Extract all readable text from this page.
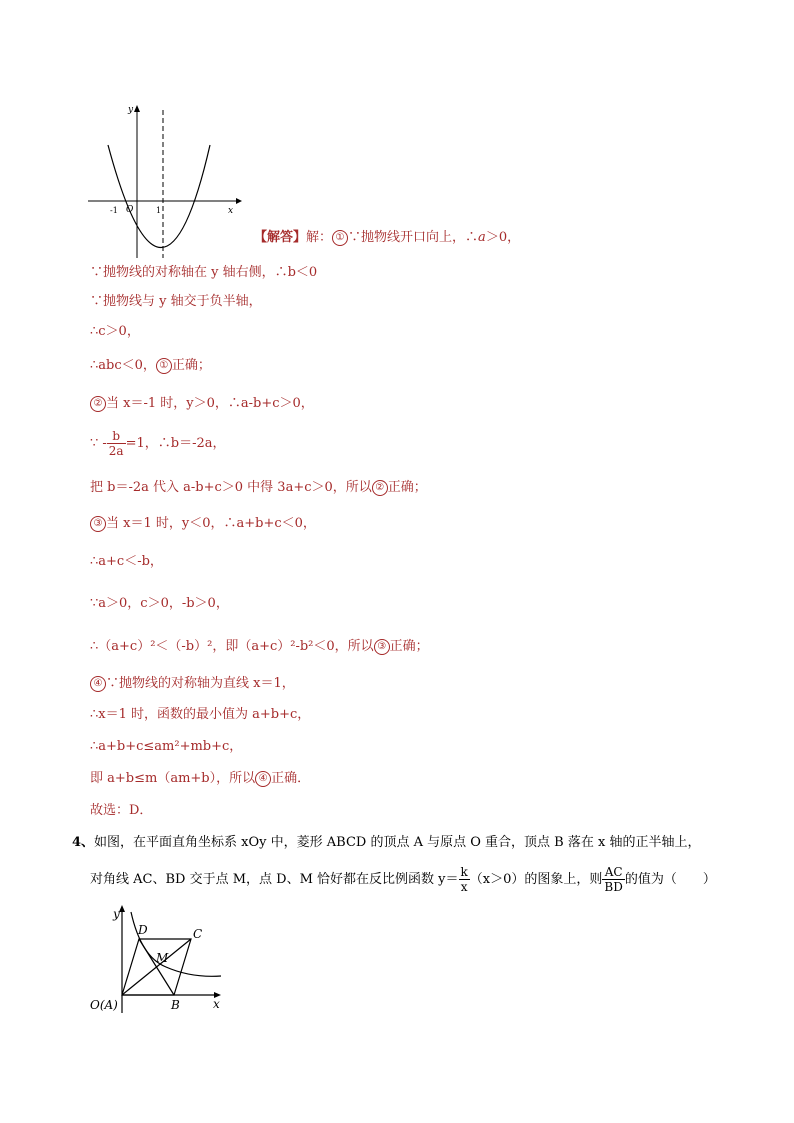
y
x
O
-1	1
【解答】解： ① ∵抛物线开口向上，∴a＞0，
∵抛物线的对称轴在 y 轴右侧，∴b＜0
∵抛物线与 y 轴交于负半轴，
∴c＞0，
∴abc＜0， ① 正确；
② 当 x＝-1 时，y＞0，∴a-b+c＞0，
∵ - $\frac{b}{2a} =1$，∴b＝-2a，
把 b＝-2a 代入 a-b+c＞0 中得 3a+c＞0，所以 ② 正确；
③ 当 x＝1 时，y＜0，∴a+b+c＜0，
∴a+c＜-b，
∵a＞0，c＞0，-b＞0，
∴（a+c）²＜（-b）²，即（a+c）²-b²＜0，所以 ③ 正确；
④ ∵抛物线的对称轴为直线 x＝1，
∴x＝1 时，函数的最小值为 a+b+c，
∴a+b+c≤am²+mb+c，
即 a+b≤m（am+b），所以 ④ 正确．
故选：D．
4、如图，在平面直角坐标系 xOy 中，菱形 ABCD 的顶点 A 与原点 O 重合，顶点 B 落在 x 轴的正半轴上，
对角线 AC、BD 交于点 M，点 D、M 恰好都在反比例函数 $y= \frac{k}{x} (x>0)$的图象上，则 $\frac{AC}{BD}$ 的值为（　　）
y
x
D	C
M
B
O(A)
